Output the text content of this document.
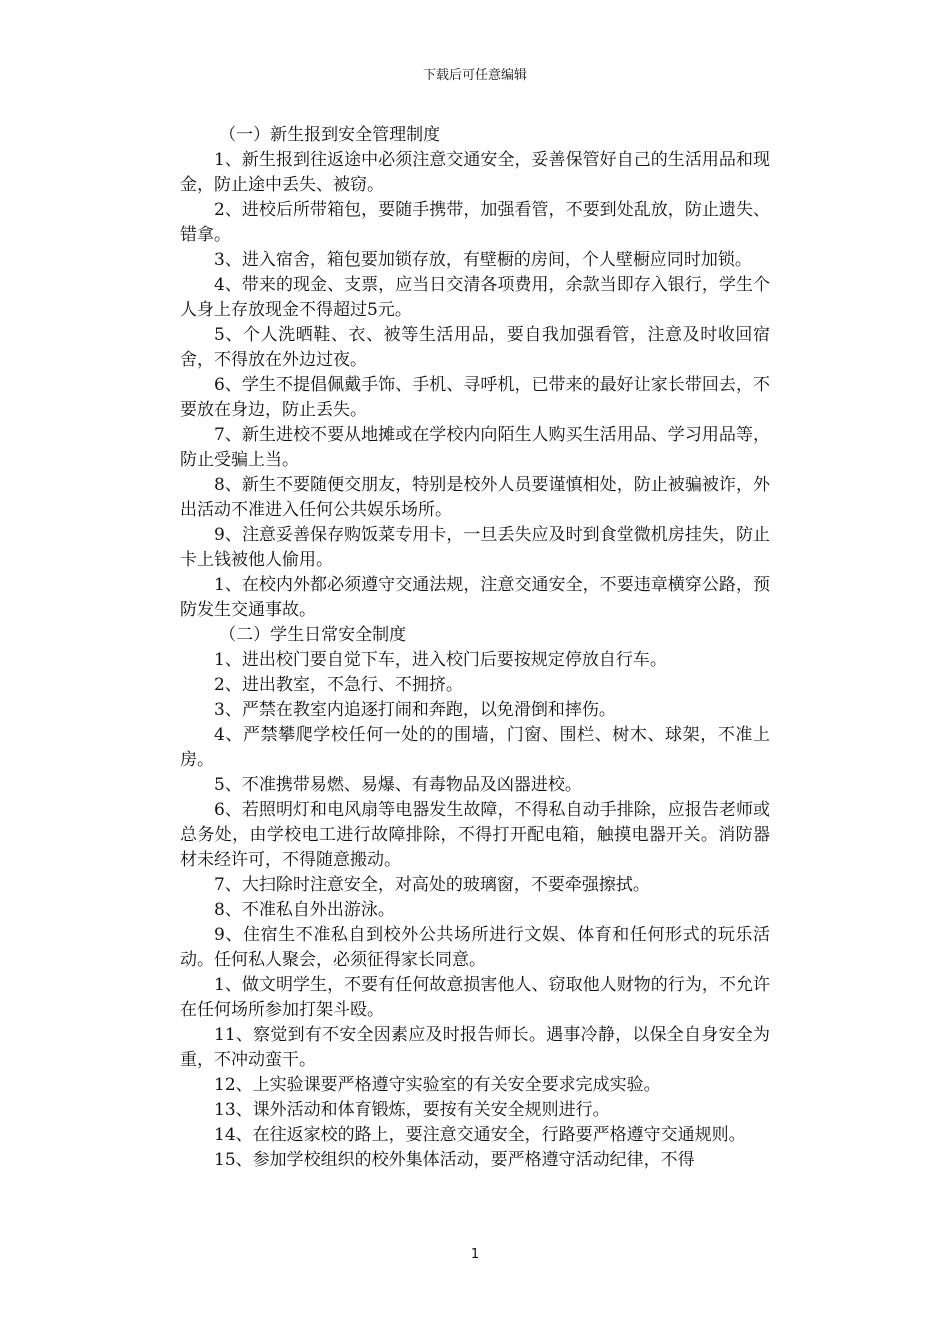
下载后可任意编辑

（一）新生报到安全管理制度

1、新生报到往返途中必须注意交通安全，妥善保管好自己的生活用品和现金，防止途中丢失、被窃。

2、进校后所带箱包，要随手携带，加强看管，不要到处乱放，防止遗失、错拿。

3、进入宿舍，箱包要加锁存放，有壁橱的房间，个人壁橱应同时加锁。

4、带来的现金、支票，应当日交清各项费用，余款当即存入银行，学生个人身上存放现金不得超过5元。

5、个人洗晒鞋、衣、被等生活用品，要自我加强看管，注意及时收回宿舍，不得放在外边过夜。

6、学生不提倡佩戴手饰、手机、寻呼机，已带来的最好让家长带回去，不要放在身边，防止丢失。

7、新生进校不要从地摊或在学校内向陌生人购买生活用品、学习用品等，防止受骗上当。

8、新生不要随便交朋友，特别是校外人员要谨慎相处，防止被骗被诈，外出活动不准进入任何公共娱乐场所。

9、注意妥善保存购饭菜专用卡，一旦丢失应及时到食堂微机房挂失，防止卡上钱被他人偷用。

1、在校内外都必须遵守交通法规，注意交通安全，不要违章横穿公路，预防发生交通事故。

（二）学生日常安全制度

1、进出校门要自觉下车，进入校门后要按规定停放自行车。

2、进出教室，不急行、不拥挤。

3、严禁在教室内追逐打闹和奔跑，以免滑倒和摔伤。

4、严禁攀爬学校任何一处的的围墙，门窗、围栏、树木、球架，不准上房。

5、不准携带易燃、易爆、有毒物品及凶器进校。

6、若照明灯和电风扇等电器发生故障，不得私自动手排除，应报告老师或总务处，由学校电工进行故障排除，不得打开配电箱，触摸电器开关。消防器材未经许可，不得随意搬动。

7、大扫除时注意安全，对高处的玻璃窗，不要牵强擦拭。

8、不准私自外出游泳。

9、住宿生不准私自到校外公共场所进行文娱、体育和任何形式的玩乐活动。任何私人聚会，必须征得家长同意。

1、做文明学生，不要有任何故意损害他人、窃取他人财物的行为，不允许在任何场所参加打架斗殴。

11、察觉到有不安全因素应及时报告师长。遇事冷静，以保全自身安全为重，不冲动蛮干。

12、上实验课要严格遵守实验室的有关安全要求完成实验。

13、课外活动和体育锻炼，要按有关安全规则进行。

14、在往返家校的路上，要注意交通安全，行路要严格遵守交通规则。

15、参加学校组织的校外集体活动，要严格遵守活动纪律，不得

1
